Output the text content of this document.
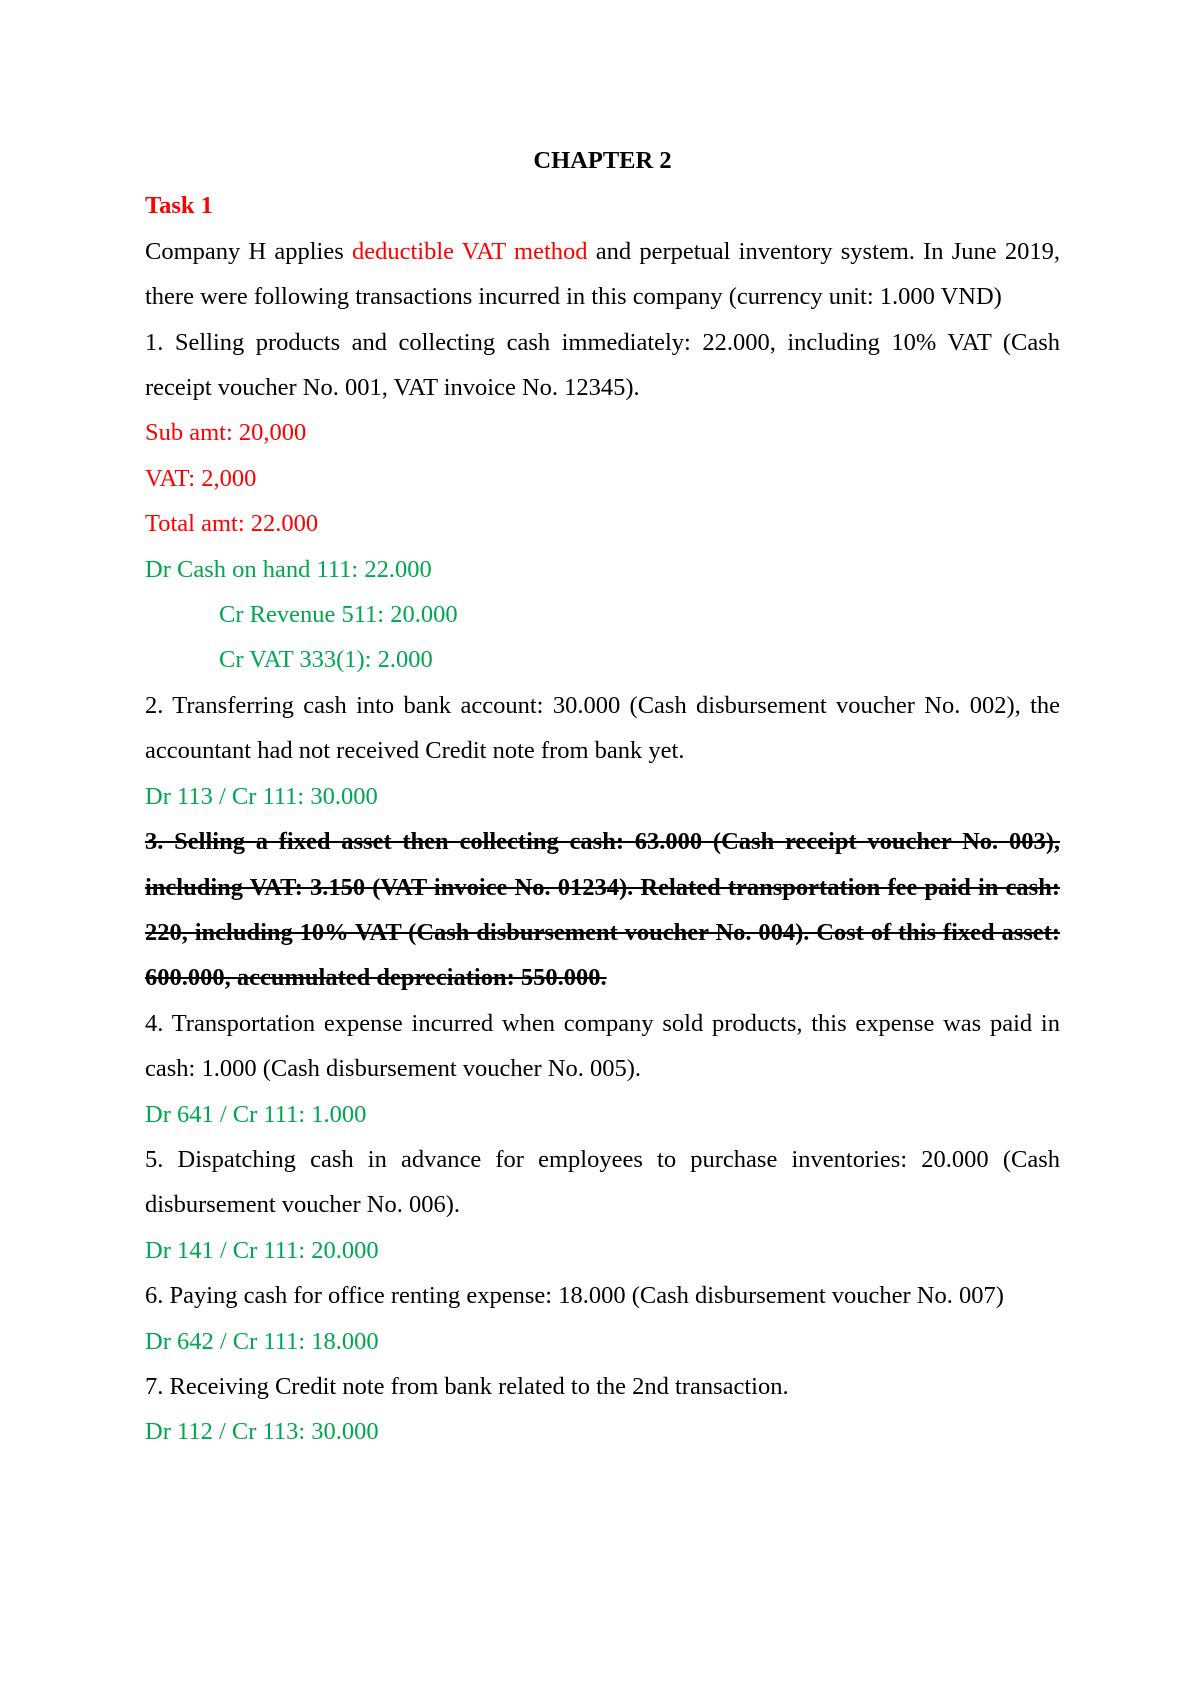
CHAPTER 2

Task 1

Company H applies deductible VAT method and perpetual inventory system. In June 2019, there were following transactions incurred in this company (currency unit: 1.000 VND)

1. Selling products and collecting cash immediately: 22.000, including 10% VAT (Cash receipt voucher No. 001, VAT invoice No. 12345).

Sub amt: 20,000

VAT: 2,000

Total amt: 22.000

Dr Cash on hand 111: 22.000

Cr Revenue 511: 20.000

Cr VAT 333(1): 2.000

2. Transferring cash into bank account: 30.000 (Cash disbursement voucher No. 002), the accountant had not received Credit note from bank yet.

Dr 113 / Cr 111: 30.000

3. Selling a fixed asset then collecting cash: 63.000 (Cash receipt voucher No. 003), including VAT: 3.150 (VAT invoice No. 01234). Related transportation fee paid in cash: 220, including 10% VAT (Cash disbursement voucher No. 004). Cost of this fixed asset: 600.000, accumulated depreciation: 550.000.

4. Transportation expense incurred when company sold products, this expense was paid in cash: 1.000 (Cash disbursement voucher No. 005).

Dr 641 / Cr 111: 1.000

5. Dispatching cash in advance for employees to purchase inventories: 20.000 (Cash disbursement voucher No. 006).

Dr 141 / Cr 111: 20.000

6. Paying cash for office renting expense: 18.000 (Cash disbursement voucher No. 007)

Dr 642 / Cr 111: 18.000

7. Receiving Credit note from bank related to the 2nd transaction.

Dr 112 / Cr 113: 30.000
